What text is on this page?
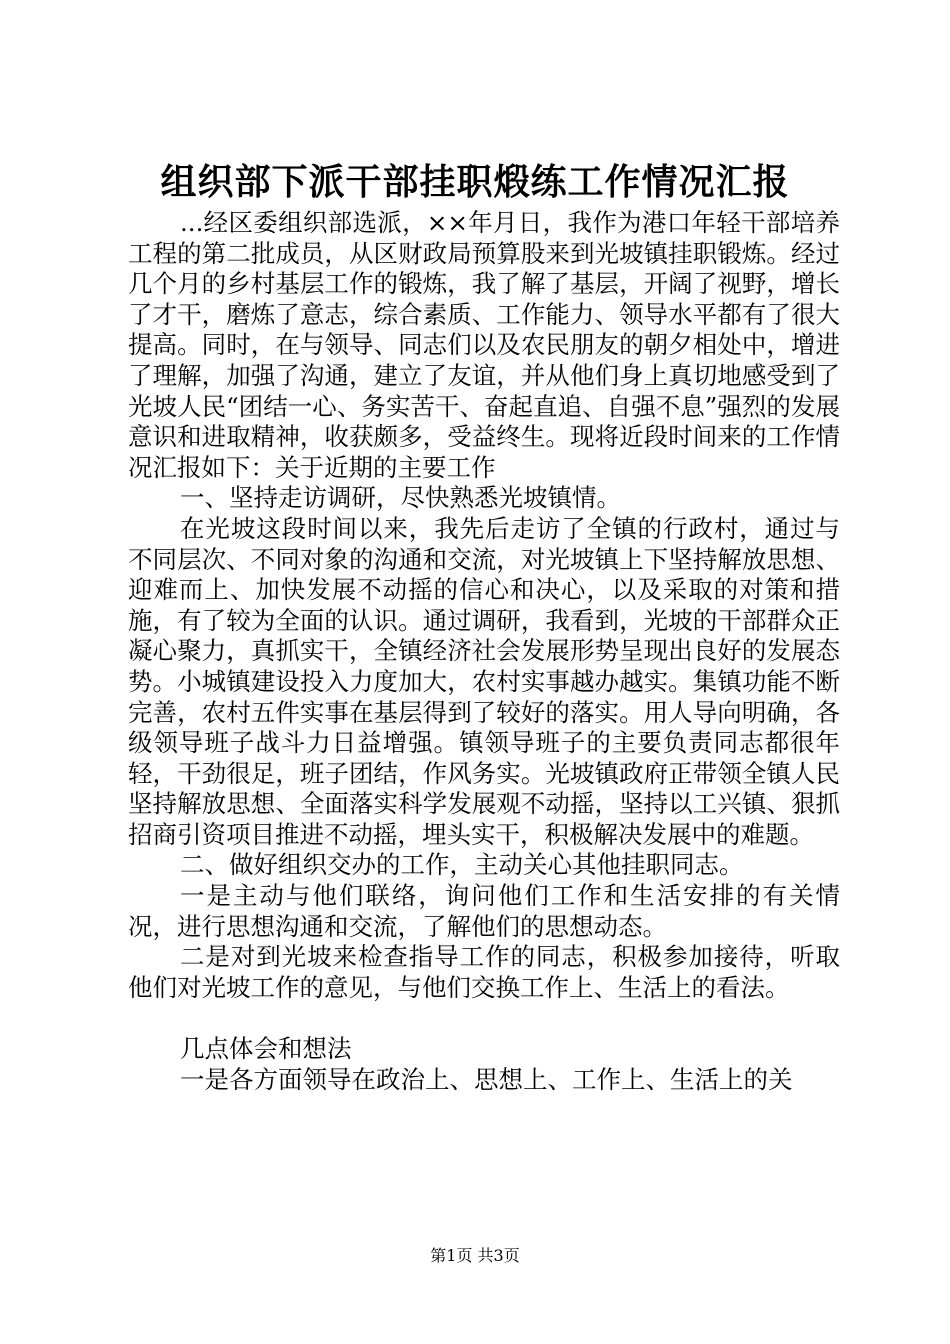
组织部下派干部挂职煅练工作情况汇报

...经区委组织部选派，××年月日，我作为港口年轻干部培养工程的第二批成员，从区财政局预算股来到光坡镇挂职锻炼。经过几个月的乡村基层工作的锻炼，我了解了基层，开阔了视野，增长了才干，磨炼了意志，综合素质、工作能力、领导水平都有了很大提高。同时，在与领导、同志们以及农民朋友的朝夕相处中，增进了理解，加强了沟通，建立了友谊，并从他们身上真切地感受到了光坡人民“团结一心、务实苦干、奋起直追、自强不息”强烈的发展意识和进取精神，收获颇多，受益终生。现将近段时间来的工作情况汇报如下：关于近期的主要工作

一、坚持走访调研，尽快熟悉光坡镇情。

在光坡这段时间以来，我先后走访了全镇的行政村，通过与不同层次、不同对象的沟通和交流，对光坡镇上下坚持解放思想、迎难而上、加快发展不动摇的信心和决心，以及采取的对策和措施，有了较为全面的认识。通过调研，我看到，光坡的干部群众正凝心聚力，真抓实干，全镇经济社会发展形势呈现出良好的发展态势。小城镇建设投入力度加大，农村实事越办越实。集镇功能不断完善，农村五件实事在基层得到了较好的落实。用人导向明确，各级领导班子战斗力日益增强。镇领导班子的主要负责同志都很年轻，干劲很足，班子团结，作风务实。光坡镇政府正带领全镇人民坚持解放思想、全面落实科学发展观不动摇，坚持以工兴镇、狠抓招商引资项目推进不动摇，埋头实干，积极解决发展中的难题。

二、做好组织交办的工作，主动关心其他挂职同志。

一是主动与他们联络，询问他们工作和生活安排的有关情况，进行思想沟通和交流，了解他们的思想动态。

二是对到光坡来检查指导工作的同志，积极参加接待，听取他们对光坡工作的意见，与他们交换工作上、生活上的看法。

几点体会和想法

一是各方面领导在政治上、思想上、工作上、生活上的关

第1页 共3页
